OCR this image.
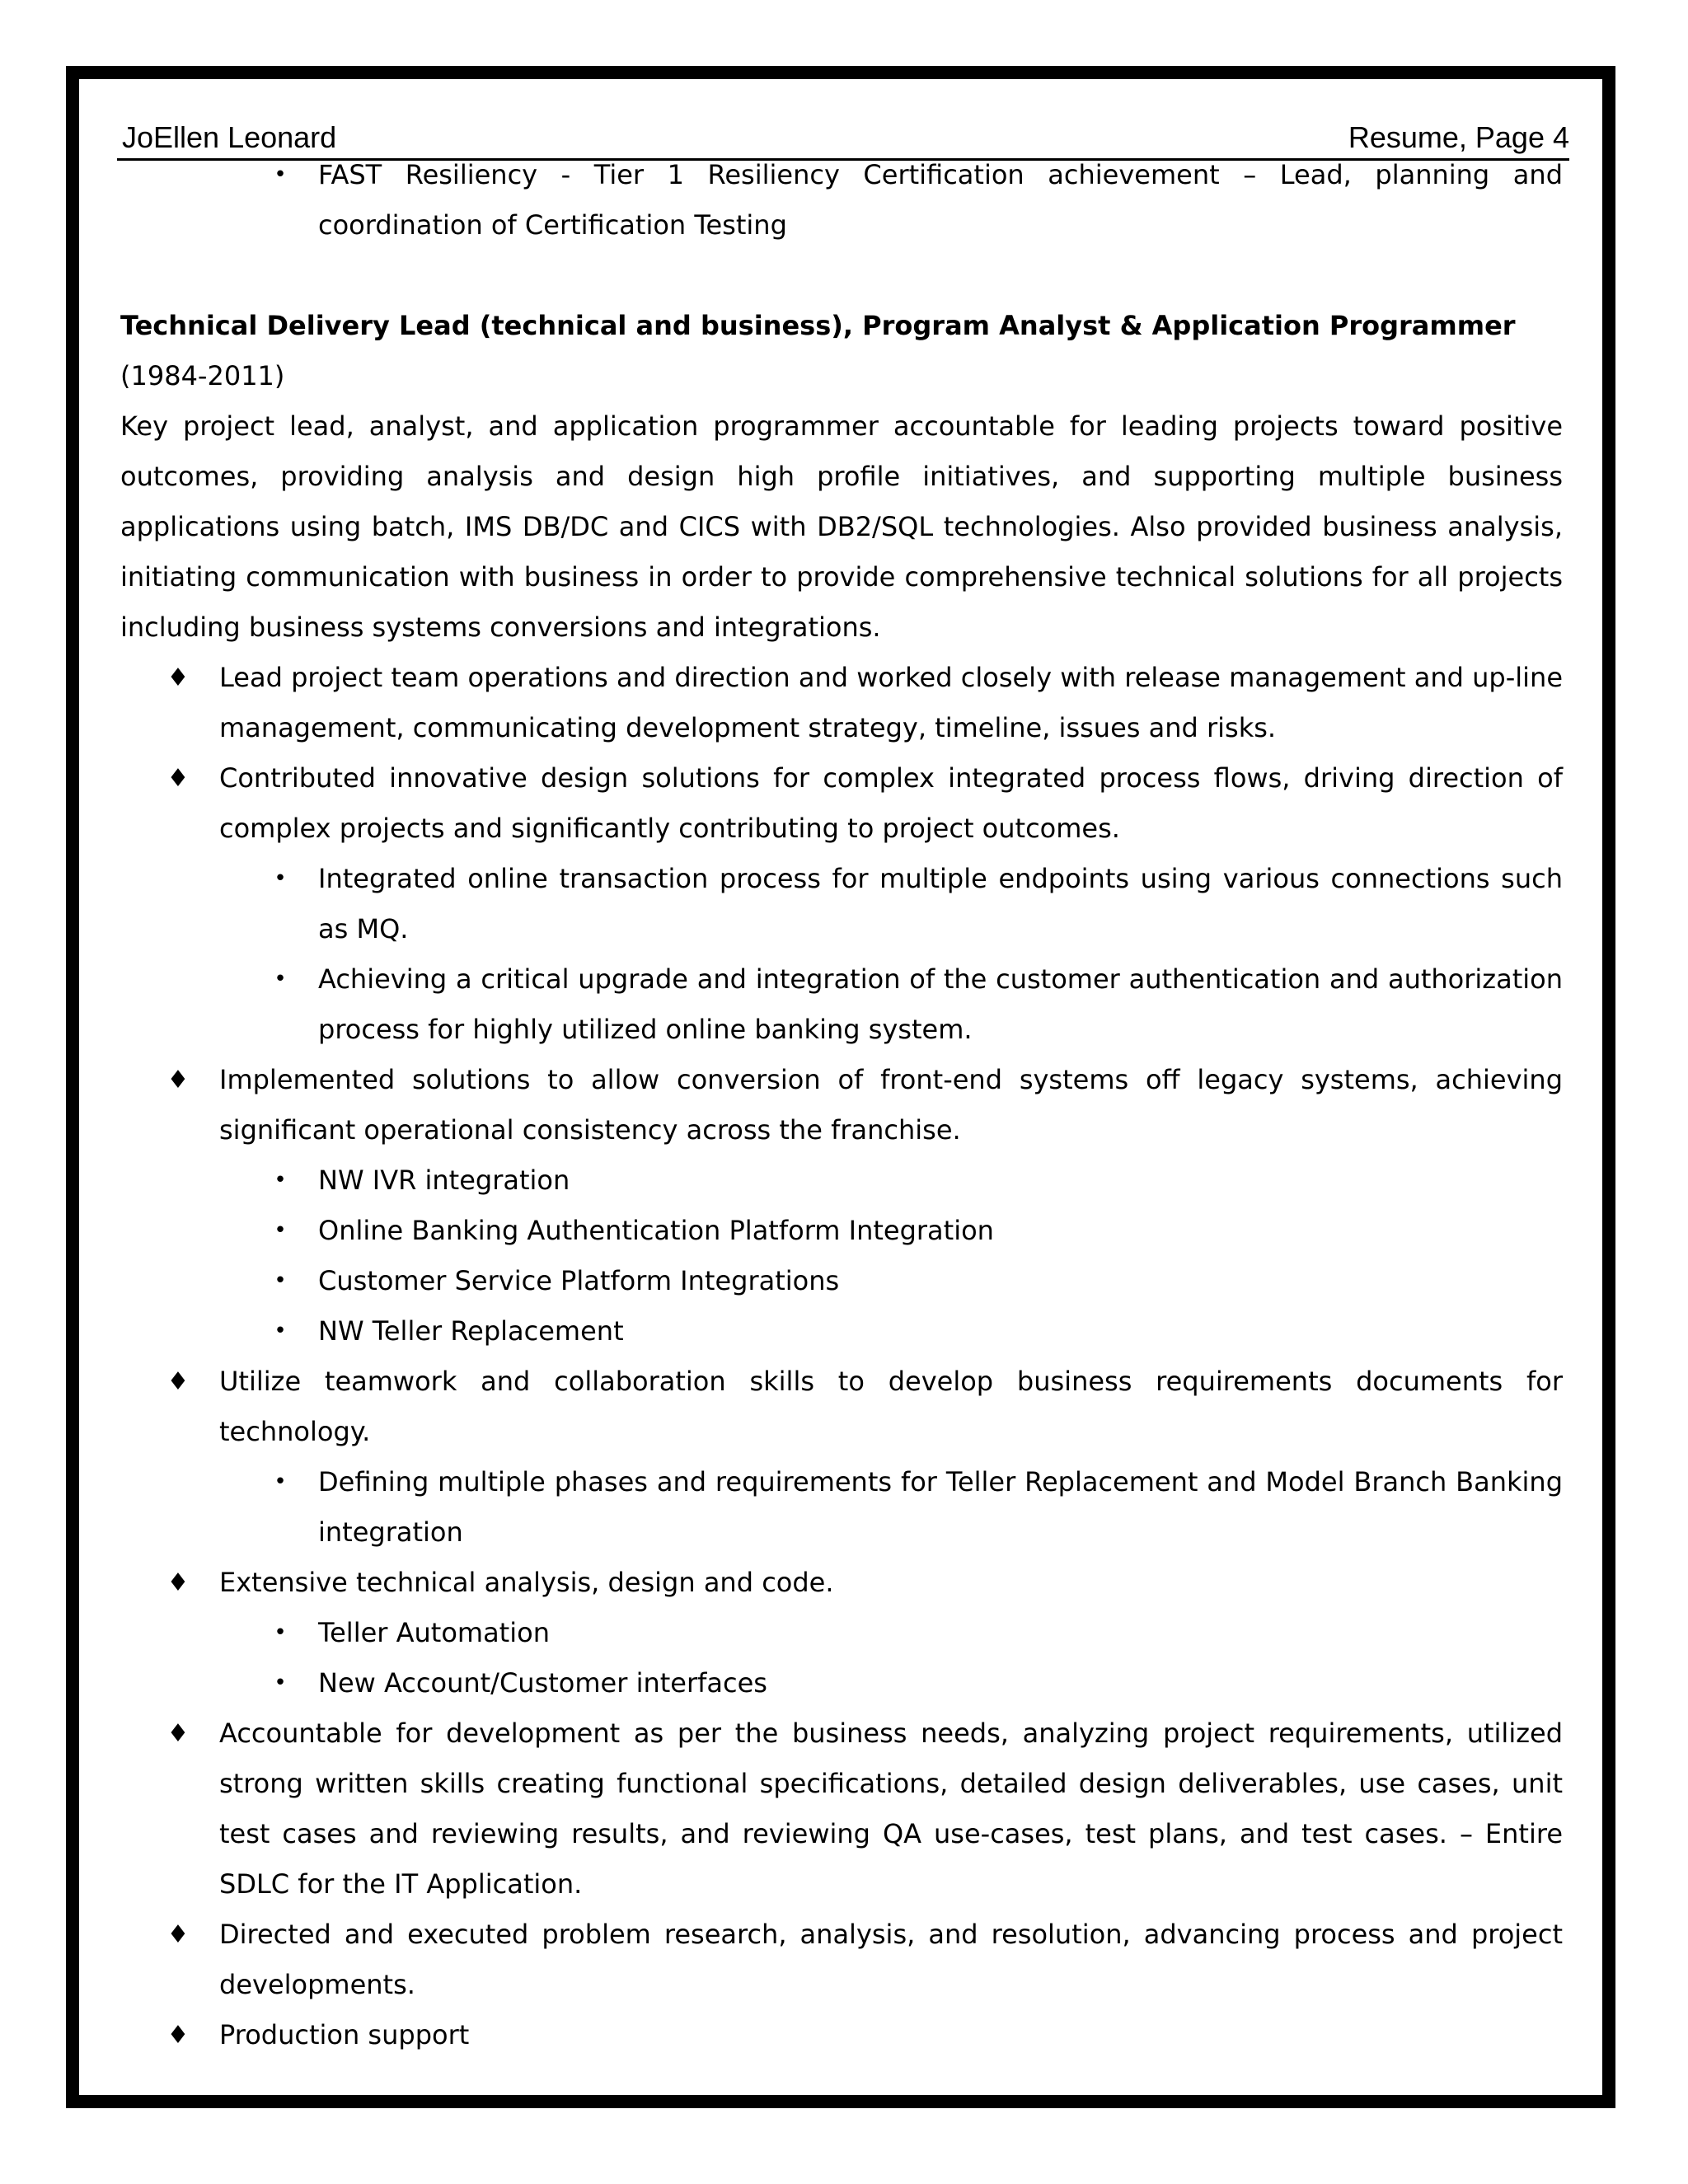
JoEllen Leonard	Resume, Page 4
•	FAST Resiliency - Tier 1 Resiliency Certification achievement – Lead, planning and coordination of Certification Testing

Technical Delivery Lead (technical and business), Program Analyst & Application Programmer (1984-2011)

Key project lead, analyst, and application programmer accountable for leading projects toward positive outcomes, providing analysis and design high profile initiatives, and supporting multiple business applications using batch, IMS DB/DC and CICS with DB2/SQL technologies. Also provided business analysis, initiating communication with business in order to provide comprehensive technical solutions for all projects including business systems conversions and integrations.

♦ Lead project team operations and direction and worked closely with release management and up-line management, communicating development strategy, timeline, issues and risks.
♦ Contributed innovative design solutions for complex integrated process flows, driving direction of complex projects and significantly contributing to project outcomes.
•	Integrated online transaction process for multiple endpoints using various connections such as MQ.
•	Achieving a critical upgrade and integration of the customer authentication and authorization process for highly utilized online banking system.
♦ Implemented solutions to allow conversion of front-end systems off legacy systems, achieving significant operational consistency across the franchise.
•	NW IVR integration
•	Online Banking Authentication Platform Integration
•	Customer Service Platform Integrations
•	NW Teller Replacement
♦ Utilize teamwork and collaboration skills to develop business requirements documents for technology.
•	Defining multiple phases and requirements for Teller Replacement and Model Branch Banking integration
♦ Extensive technical analysis, design and code.
•	Teller Automation
•	New Account/Customer interfaces
♦ Accountable for development as per the business needs, analyzing project requirements, utilized strong written skills creating functional specifications, detailed design deliverables, use cases, unit test cases and reviewing results, and reviewing QA use-cases, test plans, and test cases. – Entire SDLC for the IT Application.
♦ Directed and executed problem research, analysis, and resolution, advancing process and project developments.
♦ Production support
